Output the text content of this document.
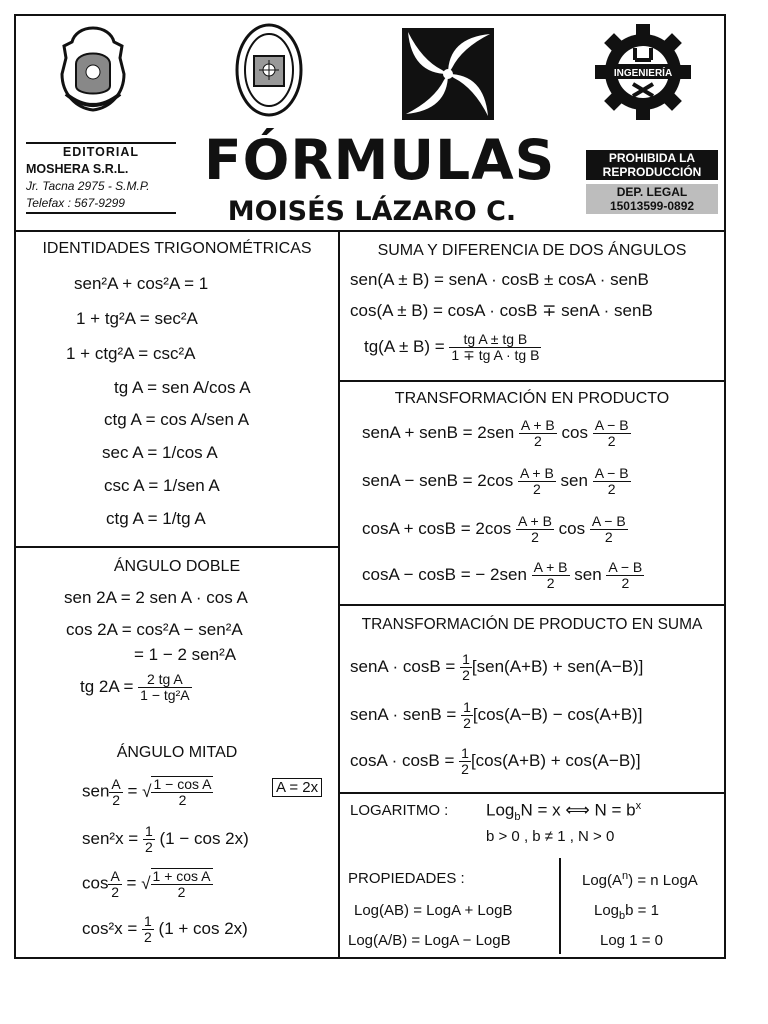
INGENIERÍA
EDITORIAL
MOSHERA S.R.L.
Jr. Tacna 2975 - S.M.P.
Telefax : 567-9299
FÓRMULAS
MOISÉS LÁZARO C.
PROHIBIDA LA
REPRODUCCIÓN
DEP. LEGAL
15013599-0892
IDENTIDADES TRIGONOMÉTRICAS
sen²A + cos²A = 1
1 + tg²A = sec²A
1 + ctg²A = csc²A
tg A = sen A/cos A
ctg A = cos A/sen A
sec A = 1/cos A
csc A = 1/sen A
ctg A = 1/tg A
SUMA Y DIFERENCIA DE DOS ÁNGULOS
sen(A ± B) = senA · cosB ± cosA · senB
cos(A ± B) = cosA · cosB ∓ senA · senB
$tg(A \pm B) = \frac{\text{tg A ± tg B}}{\text{1 ∓ tg A · tg B}}$
TRANSFORMACIÓN EN PRODUCTO
senA + senB = $2sen \frac{A + B}{2}$ $\cos \frac{A - B}{2}$
senA − senB = $2\cos \frac{A + B}{2}$ sen $\frac{A - B}{2}$
$\cos A + \cos B = 2\cos \frac{A + B}{2}$ $\cos \frac{A - B}{2}$
cosA − cosB = − $2sen \frac{A + B}{2}$ sen $\frac{A - B}{2}$
ÁNGULO DOBLE
sen 2A = 2 sen A · cos A
cos 2A = cos²A − sen²A
= 1 − 2 sen²A
tg $2A = \frac{\text{2 tg A}}{\text{1 − tg²A}}$
ÁNGULO MITAD
sen $\frac{A}{2}$ = √ $\frac{\text{1 − cos A}}{2}$	A = 2x
$sen^2x = \frac{1}{2} (1 - \cos 2x)$
$\cos \frac{A}{2}$ = √ $\frac{\text{1 + cos A}}{2}$
$\cos^2x = \frac{1}{2} (1 + \cos 2x)$
TRANSFORMACIÓN DE PRODUCTO EN SUMA
senA · $\cos B = \frac{1}{2} [sen(A+B) + sen(A-B)]$
senA · senB = $\frac{1}{2} [\cos(A-B) - \cos(A+B)]$
$\cos A \cdot \cos B = \frac{1}{2} [\cos(A+B) + \cos(A-B)]$
LOGARITMO : Log$_b$N = x ⟺ $N = b^x$
b > 0 , b ≠ 1 , N > 0
PROPIEDADES :
Log(AB) = LogA + LogB
Log(A/B) = LogA − LogB
$Log(A^n) = n$ LogA
Log$_b$b = 1
Log 1 = 0
